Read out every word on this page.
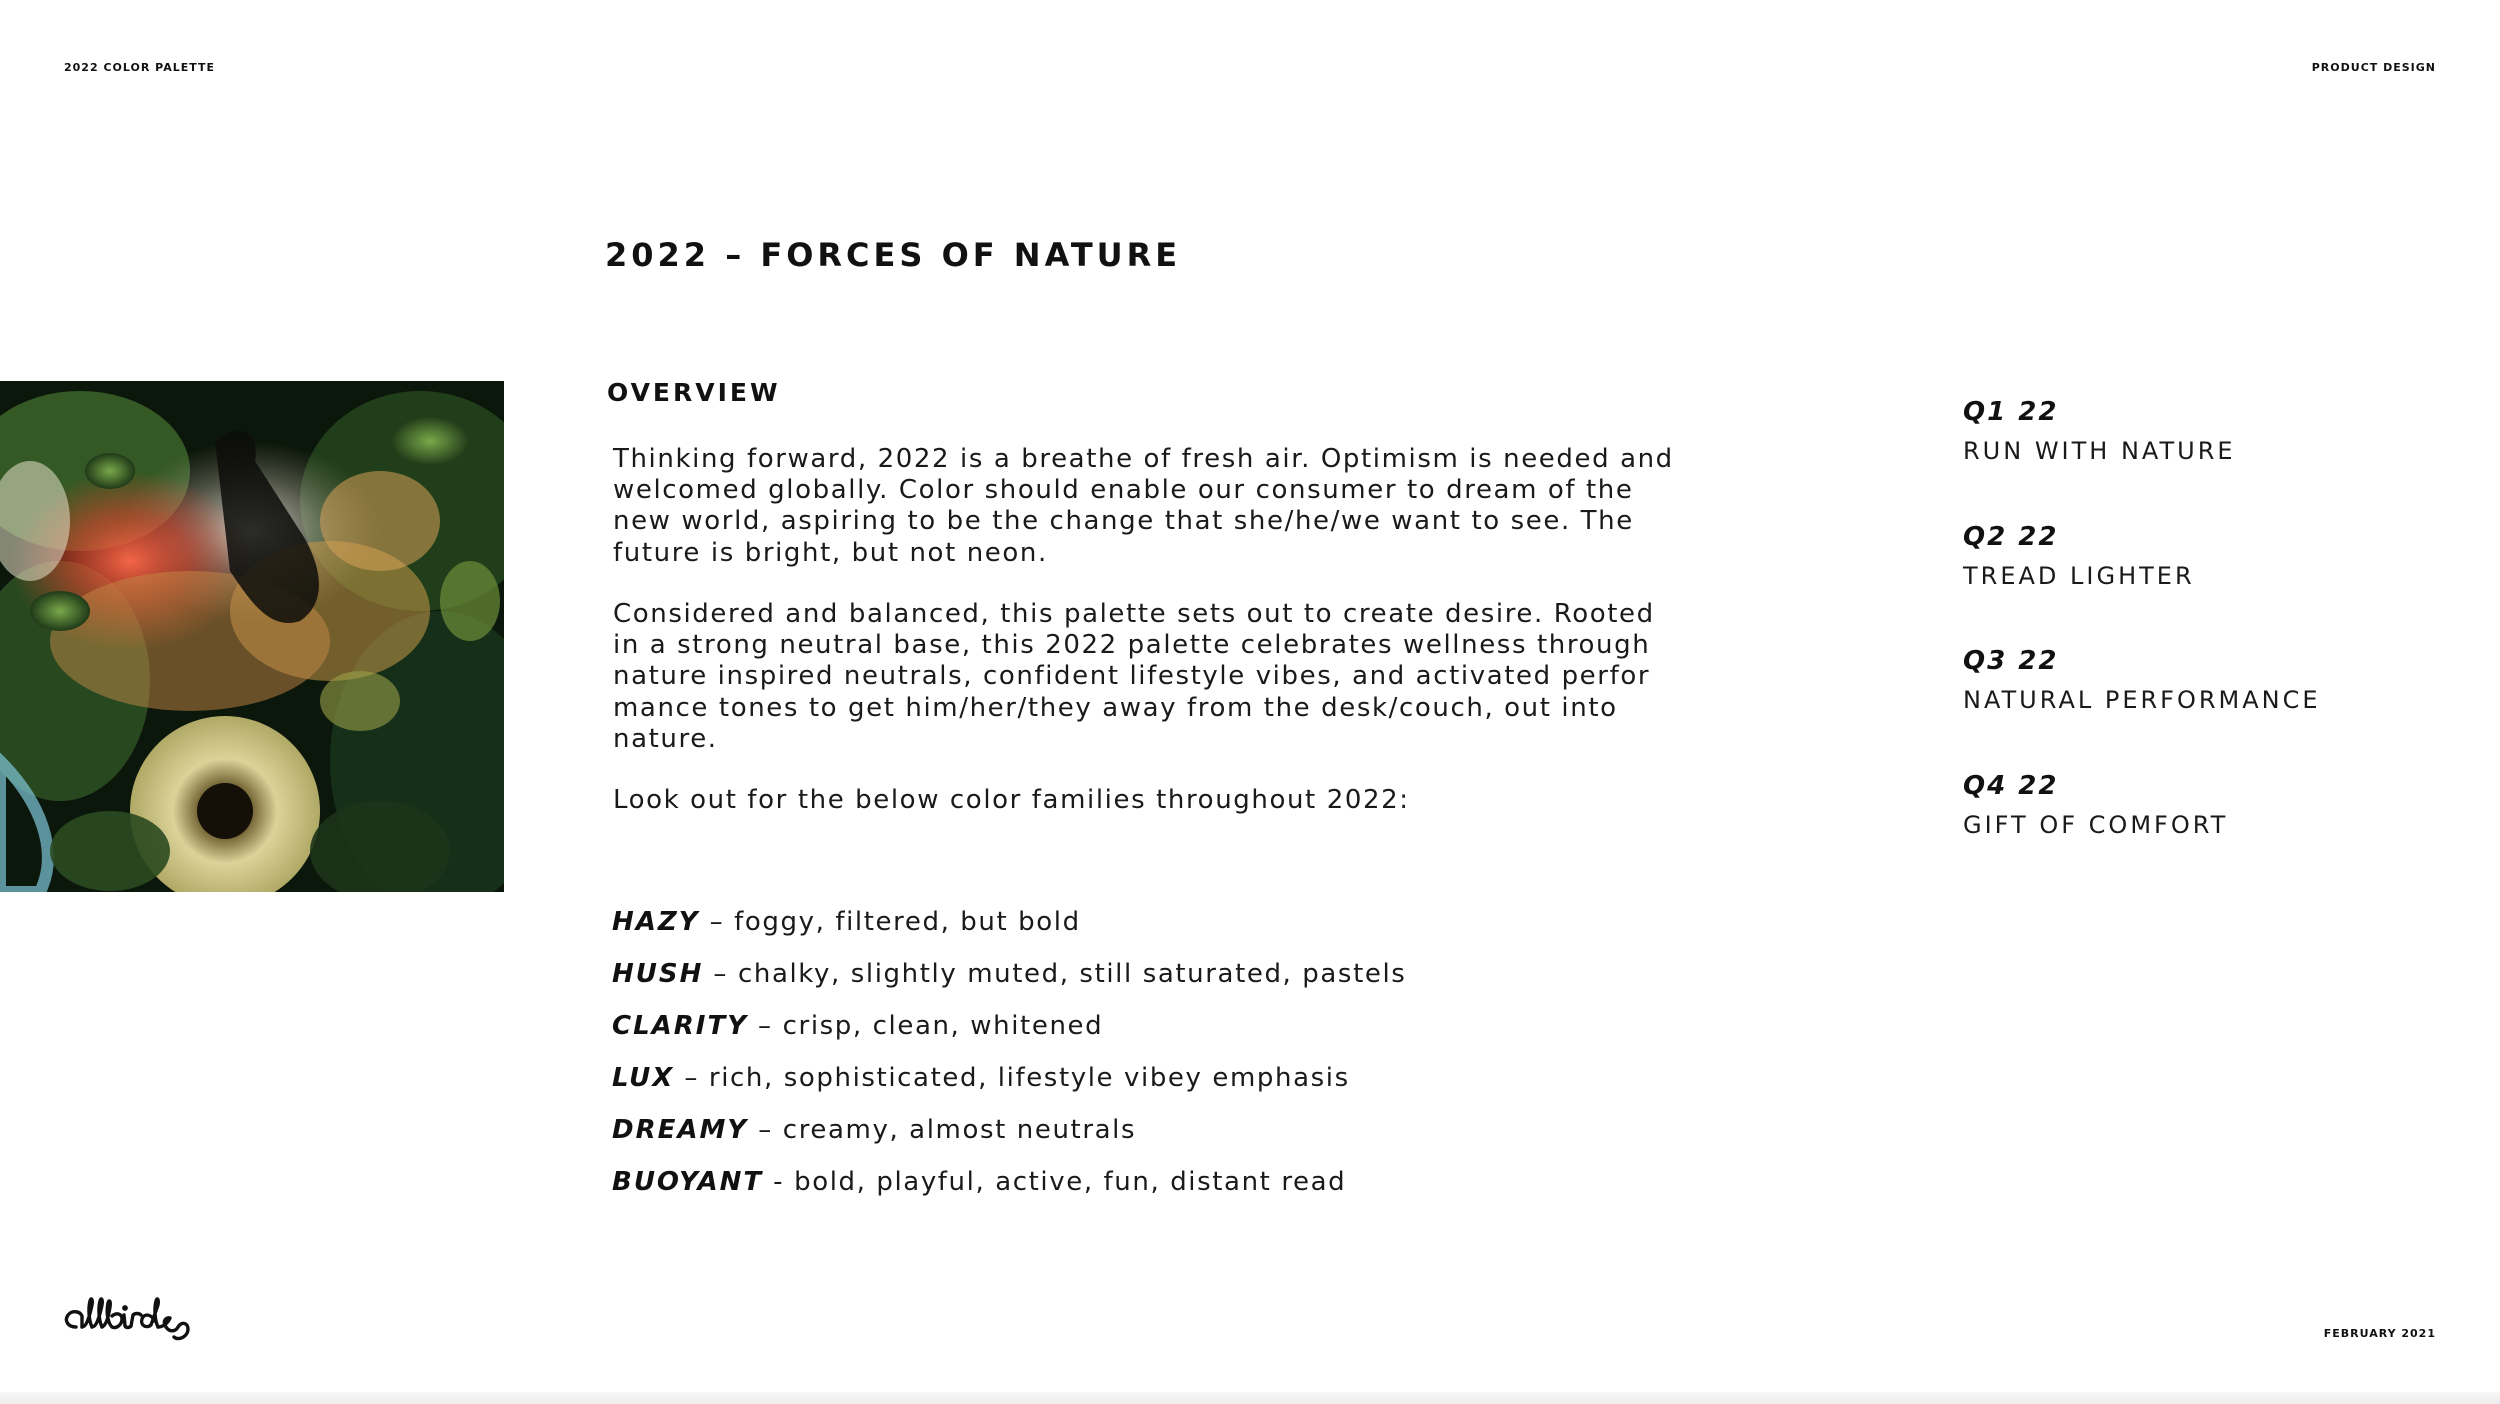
2022 COLOR PALETTE	PRODUCT DESIGN
2022 – FORCES OF NATURE
OVERVIEW
Thinking forward, 2022 is a breathe of fresh air. Optimism is needed and
welcomed globally. Color should enable our consumer to dream of the
new world, aspiring to be the change that she/he/we want to see. The
future is bright, but not neon.
Considered and balanced, this palette sets out to create desire. Rooted
in a strong neutral base, this 2022 palette celebrates wellness through
nature inspired neutrals, confident lifestyle vibes, and activated perfor
mance tones to get him/her/they away from the desk/couch, out into
nature.
Look out for the below color families throughout 2022:
HAZY – foggy, filtered, but bold
HUSH – chalky, slightly muted, still saturated, pastels
CLARITY – crisp, clean, whitened
LUX – rich, sophisticated, lifestyle vibey emphasis
DREAMY – creamy, almost neutrals
BUOYANT - bold, playful, active, fun, distant read
Q1 22
RUN WITH NATURE
Q2 22
TREAD LIGHTER
Q3 22
NATURAL PERFORMANCE
Q4 22
GIFT OF COMFORT
FEBRUARY 2021
